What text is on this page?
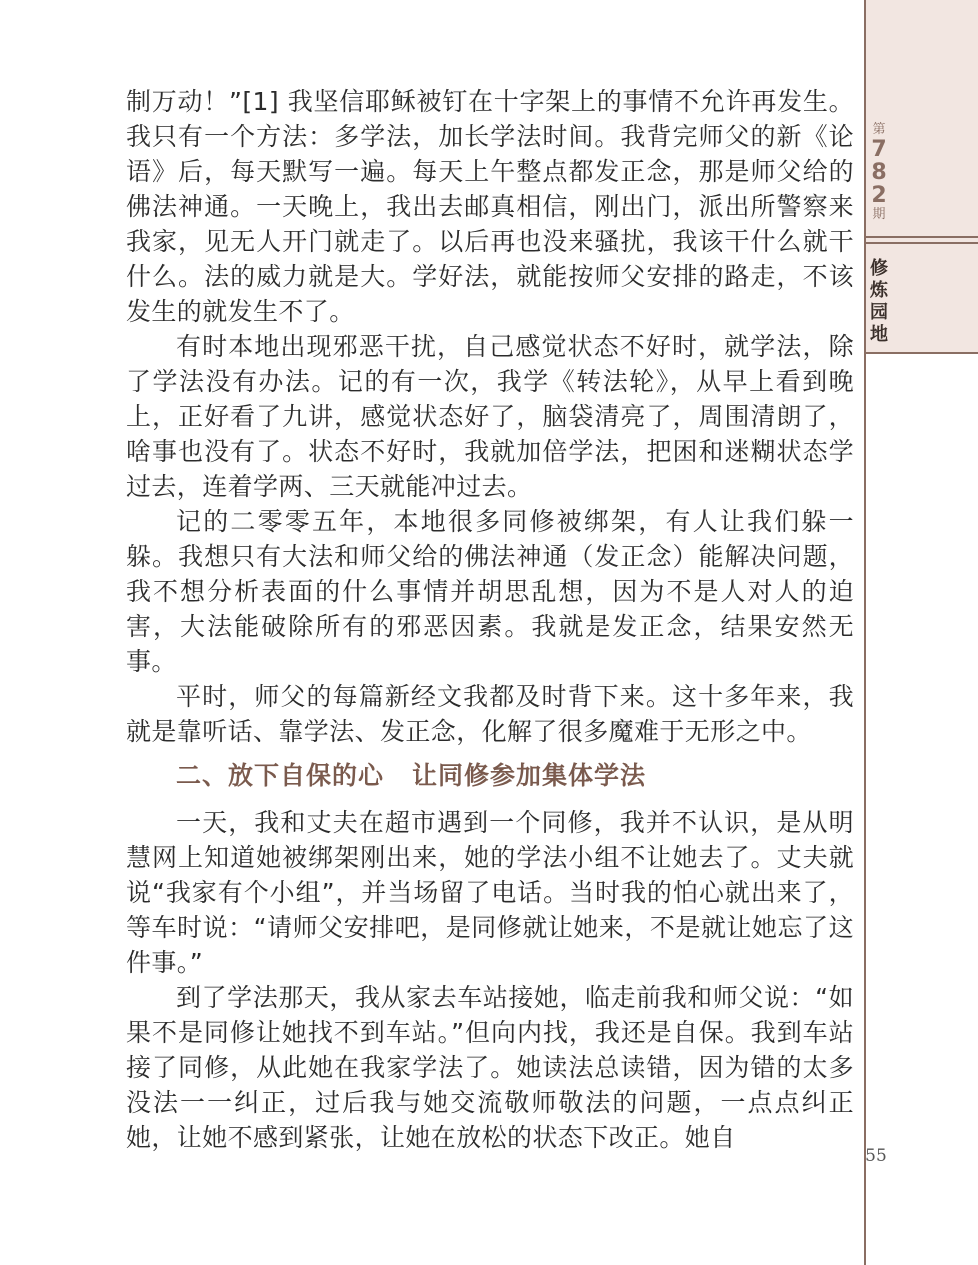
第
7
8
2
期
修
炼
园
地

制万动！”[1] 我坚信耶稣被钉在十字架上的事情不允许再发生。我只有一个方法：多学法，加长学法时间。我背完师父的新《论语》后，每天默写一遍。每天上午整点都发正念，那是师父给的佛法神通。一天晚上，我出去邮真相信，刚出门，派出所警察来我家，见无人开门就走了。以后再也没来骚扰，我该干什么就干什么。法的威力就是大。学好法，就能按师父安排的路走，不该发生的就发生不了。

有时本地出现邪恶干扰，自己感觉状态不好时，就学法，除了学法没有办法。记的有一次，我学《转法轮》，从早上看到晚上，正好看了九讲，感觉状态好了，脑袋清亮了，周围清朗了，啥事也没有了。状态不好时，我就加倍学法，把困和迷糊状态学过去，连着学两、三天就能冲过去。

记的二零零五年，本地很多同修被绑架，有人让我们躲一躲。我想只有大法和师父给的佛法神通（发正念）能解决问题，我不想分析表面的什么事情并胡思乱想，因为不是人对人的迫害，大法能破除所有的邪恶因素。我就是发正念，结果安然无事。

平时，师父的每篇新经文我都及时背下来。这十多年来，我就是靠听话、靠学法、发正念，化解了很多魔难于无形之中。

二、放下自保的心 让同修参加集体学法

一天，我和丈夫在超市遇到一个同修，我并不认识，是从明慧网上知道她被绑架刚出来，她的学法小组不让她去了。丈夫就说“我家有个小组”，并当场留了电话。当时我的怕心就出来了，等车时说：“请师父安排吧，是同修就让她来，不是就让她忘了这件事。”

到了学法那天，我从家去车站接她，临走前我和师父说：“如果不是同修让她找不到车站。”但向内找，我还是自保。我到车站接了同修，从此她在我家学法了。她读法总读错，因为错的太多没法一一纠正，过后我与她交流敬师敬法的问题，一点点纠正她，让她不感到紧张，让她在放松的状态下改正。她自

55
